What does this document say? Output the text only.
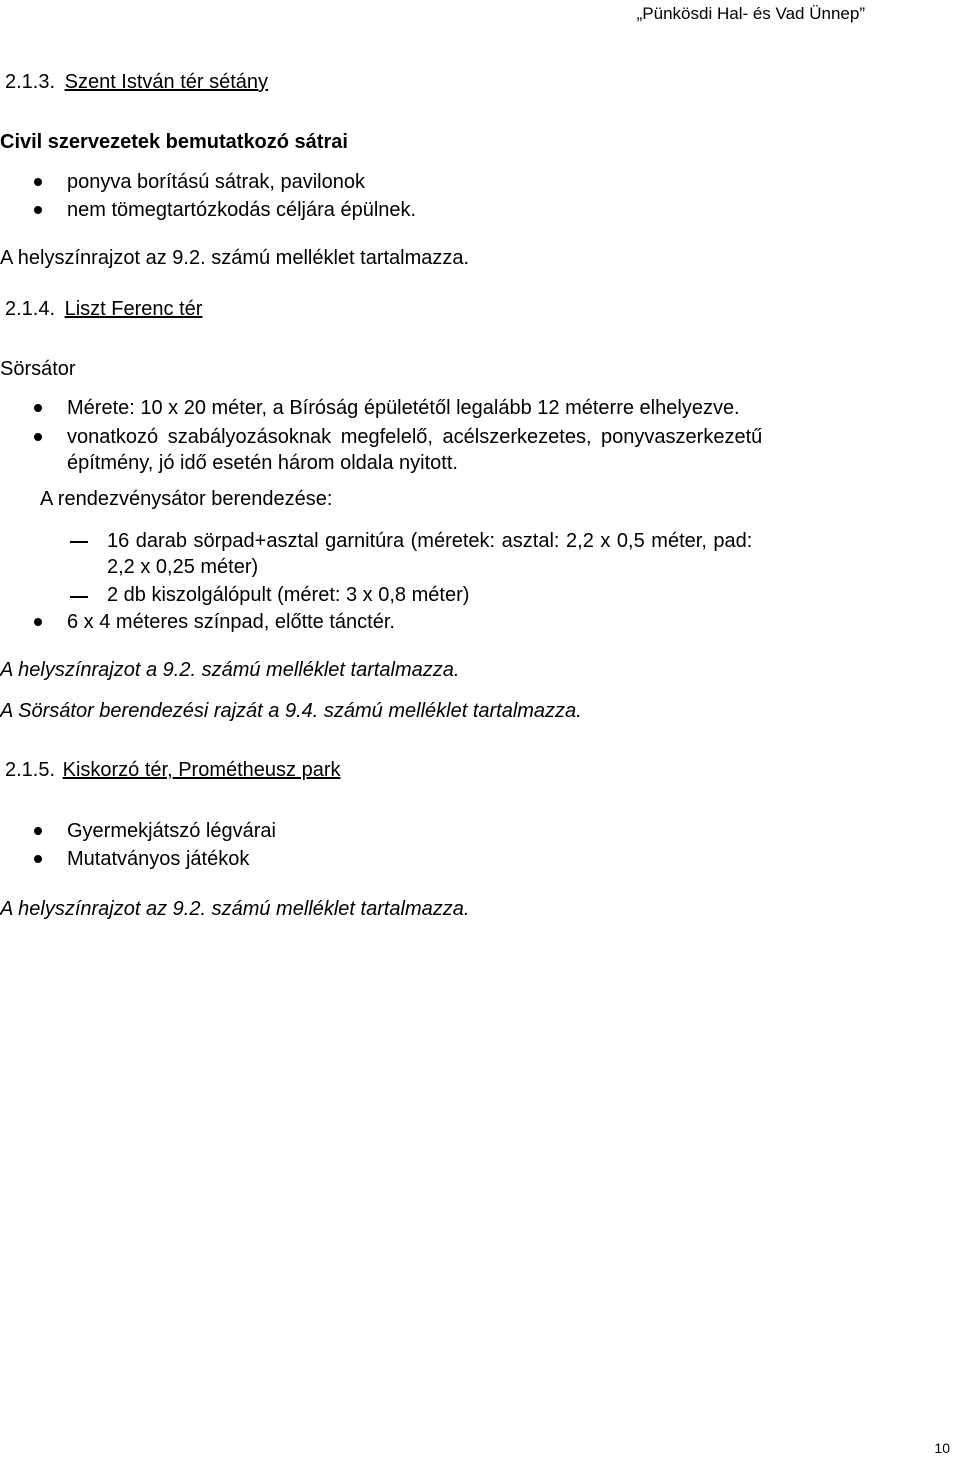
„Pünkösdi Hal- és Vad Ünnep”
2.1.3. Szent István tér sétány
Civil szervezetek bemutatkozó sátrai
ponyva borítású sátrak, pavilonok
nem tömegtartózkodás céljára épülnek.
A helyszínrajzot az 9.2. számú melléklet tartalmazza.
2.1.4. Liszt Ferenc tér
Sörsátor
Mérete: 10 x 20 méter, a Bíróság épületétől legalább 12 méterre elhelyezve.
vonatkozó szabályozásoknak megfelelő, acélszerkezetes, ponyvaszerkezetű
építmény, jó idő esetén három oldala nyitott.
A rendezvénysátor berendezése:
16 darab sörpad+asztal garnitúra (méretek: asztal: 2,2 x 0,5 méter, pad:
2,2 x 0,25 méter)
2 db kiszolgálópult (méret: 3 x 0,8 méter)
6 x 4 méteres színpad, előtte tánctér.
A helyszínrajzot a 9.2. számú melléklet tartalmazza.
A Sörsátor berendezési rajzát a 9.4. számú melléklet tartalmazza.
2.1.5. Kiskorzó tér, Prométheusz park
Gyermekjátszó légvárai
Mutatványos játékok
A helyszínrajzot az 9.2. számú melléklet tartalmazza.
10
